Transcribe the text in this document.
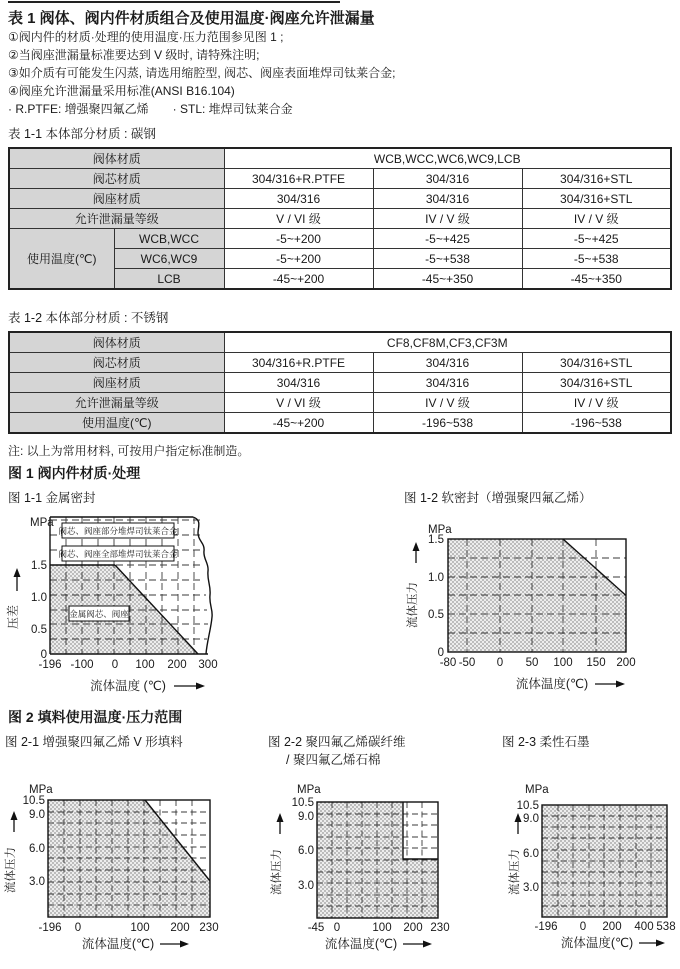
表 1 阀体、阀内件材质组合及使用温度·阀座允许泄漏量
①阀内件的材质·处理的使用温度·压力范围参见图 1 ;
②当阀座泄漏量标准要达到 V 级时, 请特殊注明;
③如介质有可能发生闪蒸, 请选用缩腔型, 阀芯、阀座表面堆焊司钛莱合金;
④阀座允许泄漏量采用标准(ANSI B16.104)
· R.PTFE: 增强聚四氟乙烯　　· STL: 堆焊司钛莱合金
表 1-1 本体部分材质 : 碳钢
阀体材质		WCB,WCC,WC6,WC9,LCB		
阀芯材质		304/316+R.PTFE	304/316	304/316+STL
阀座材质		304/316	304/316	304/316+STL
允许泄漏量等级		V / VI 级	IV / V 级	IV / V 级
使用温度(℃)	WCB,WCC	-5~+200	-5~+425	-5~+425
	WC6,WC9	-5~+200	-5~+538	-5~+538
	LCB	-45~+200	-45~+350	-45~+350
表 1-2 本体部分材质 : 不锈钢
阀体材质	CF8,CF8M,CF3,CF3M		
阀芯材质	304/316+R.PTFE	304/316	304/316+STL
阀座材质	304/316	304/316	304/316+STL
允许泄漏量等级	V / VI 级	IV / V 级	IV / V 级
使用温度(℃)	-45~+200	-196~538	-196~538
注: 以上为常用材料, 可按用户指定标准制造。
图 1 阀内件材质·处理
图 1-1 金属密封	图 1-2 软密封（增强聚四氟乙烯）
阀芯、阀座部分堆焊司钛莱合金
阀芯、阀座全部堆焊司钛莱合金
金属阀芯、阀座
MPa
1.5
1.0
0.5
0
-196 -100 0 100 200 300
压差
流体温度 (℃)
MPa
1.5
1.0
0.5
0
-80 -50 0 50 100 150 200
流体压力
流体温度(℃)
图 2 填料使用温度·压力范围
图 2-1 增强聚四氟乙烯 V 形填料	图 2-2 聚四氟乙烯碳纤维
/ 聚四氟乙烯石棉
图 2-3 柔性石墨
MPa
10.5
9.0
6.0
3.0
-196 0	100 200 230
流体压力
流体温度(℃)
MPa
10.5
9.0
6.0
3.0
-45 0	100 200 230
流体压力
流体温度(℃)
MPa
10.5
9.0
6.0
3.0
-196 0 200 400 538
流体压力
流体温度(℃)
